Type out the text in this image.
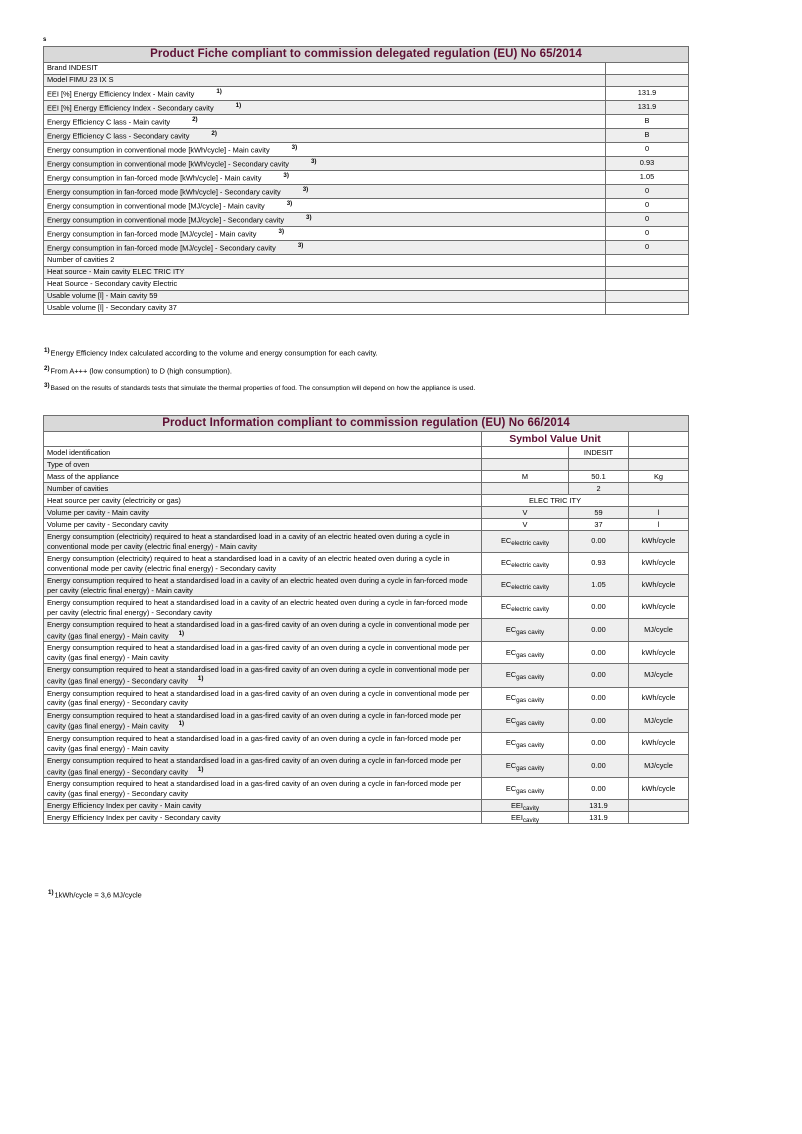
s
Product Fiche compliant to commission delegated regulation (EU) No 65/2014	
Brand INDESIT	
Model FIMU 23 IX S	
EEI [%] Energy Efficiency Index - Main cavity $^{1)}$	131.9
EEI [%] Energy Efficiency Index - Secondary cavity $^{1)}$	131.9
Energy Efficiency C lass - Main cavity $^{2)}$	B
Energy Efficiency C lass - Secondary cavity $^{2)}$	B
Energy consumption in conventional mode [kWh/cycle] - Main cavity $^{3)}$	0
Energy consumption in conventional mode [kWh/cycle] - Secondary cavity $^{3)}$	0.93
Energy consumption in fan-forced mode [kWh/cycle] - Main cavity $^{3)}$	1.05
Energy consumption in fan-forced mode [kWh/cycle] - Secondary cavity $^{3)}$	0
Energy consumption in conventional mode [MJ/cycle] - Main cavity $^{3)}$	0
Energy consumption in conventional mode [MJ/cycle] - Secondary cavity $^{3)}$	0
Energy consumption in fan-forced mode [MJ/cycle] - Main cavity $^{3)}$	0
Energy consumption in fan-forced mode [MJ/cycle] - Secondary cavity $^{3)}$	0
Number of cavities 2	
Heat source - Main cavity ELEC TRIC ITY	
Heat Source - Secondary cavity Electric	
Usable volume [l] - Main cavity 59	
Usable volume [l] - Secondary cavity 37	

$^{1)}$Energy Efficiency Index calculated according to the volume and energy consumption for each cavity.

$^{2)}$From A+++ (low consumption) to D (high consumption).

3)Based on the results of standards tests that simulate the thermal properties of food. The consumption will depend on how the appliance is used.

Product Information compliant to commission regulation (EU) No 66/2014			
	Symbol Value Unit		
Model identification		INDESIT	
Type of oven			
Mass of the appliance	M	50.1	Kg
Number of cavities		2	
Heat source per cavity (electricity or gas)	ELEC TRIC ITY		
Volume per cavity - Main cavity	V	59	l
Volume per cavity - Secondary cavity	V	37	l
Energy consumption (electricity) required to heat a standardised load in a cavity of an electric heated oven during a cycle in conventional mode per cavity (electric final energy) - Main cavity	$EC_{electric cavity}$	0.00	kWh/cycle
Energy consumption (electricity) required to heat a standardised load in a cavity of an electric heated oven during a cycle in conventional mode per cavity (electric final energy) - Secondary cavity	$EC_{electric cavity}$	0.93	kWh/cycle
Energy consumption required to heat a standardised load in a cavity of an electric heated oven during a cycle in fan-forced mode per cavity (electric final energy) - Main cavity	$EC_{electric cavity}$	1.05	kWh/cycle
Energy consumption required to heat a standardised load in a cavity of an electric heated oven during a cycle in fan-forced mode per cavity (electric final energy) - Secondary cavity	$EC_{electric cavity}$	0.00	kWh/cycle
Energy consumption required to heat a standardised load in a gas-fired cavity of an oven during a cycle in conventional mode per cavity (gas final energy) - Main cavity $^{1)}$	$EC_{gas cavity}$	0.00	MJ/cycle
Energy consumption required to heat a standardised load in a gas-fired cavity of an oven during a cycle in conventional mode per cavity (gas final energy) - Main cavity	$EC_{gas cavity}$	0.00	kWh/cycle
Energy consumption required to heat a standardised load in a gas-fired cavity of an oven during a cycle in conventional mode per cavity (gas final energy) - Secondary cavity $^{1)}$	$EC_{gas cavity}$	0.00	MJ/cycle
Energy consumption required to heat a standardised load in a gas-fired cavity of an oven during a cycle in conventional mode per cavity (gas final energy) - Secondary cavity	$EC_{gas cavity}$	0.00	kWh/cycle
Energy consumption required to heat a standardised load in a gas-fired cavity of an oven during a cycle in fan-forced mode per cavity (gas final energy) - Main cavity $^{1)}$	$EC_{gas cavity}$	0.00	MJ/cycle
Energy consumption required to heat a standardised load in a gas-fired cavity of an oven during a cycle in fan-forced mode per cavity (gas final energy) - Main cavity	$EC_{gas cavity}$	0.00	kWh/cycle
Energy consumption required to heat a standardised load in a gas-fired cavity of an oven during a cycle in fan-forced mode per cavity (gas final energy) - Secondary cavity $^{1)}$	$EC_{gas cavity}$	0.00	MJ/cycle
Energy consumption required to heat a standardised load in a gas-fired cavity of an oven during a cycle in fan-forced mode per cavity (gas final energy) - Secondary cavity	$EC_{gas cavity}$	0.00	kWh/cycle
Energy Efficiency Index per cavity - Main cavity	$EEI_{cavity}$	131.9	
Energy Efficiency Index per cavity - Secondary cavity	$EEI_{cavity}$	131.9	

$^{1)}$1kWh/cycle = 3,6 MJ/cycle
